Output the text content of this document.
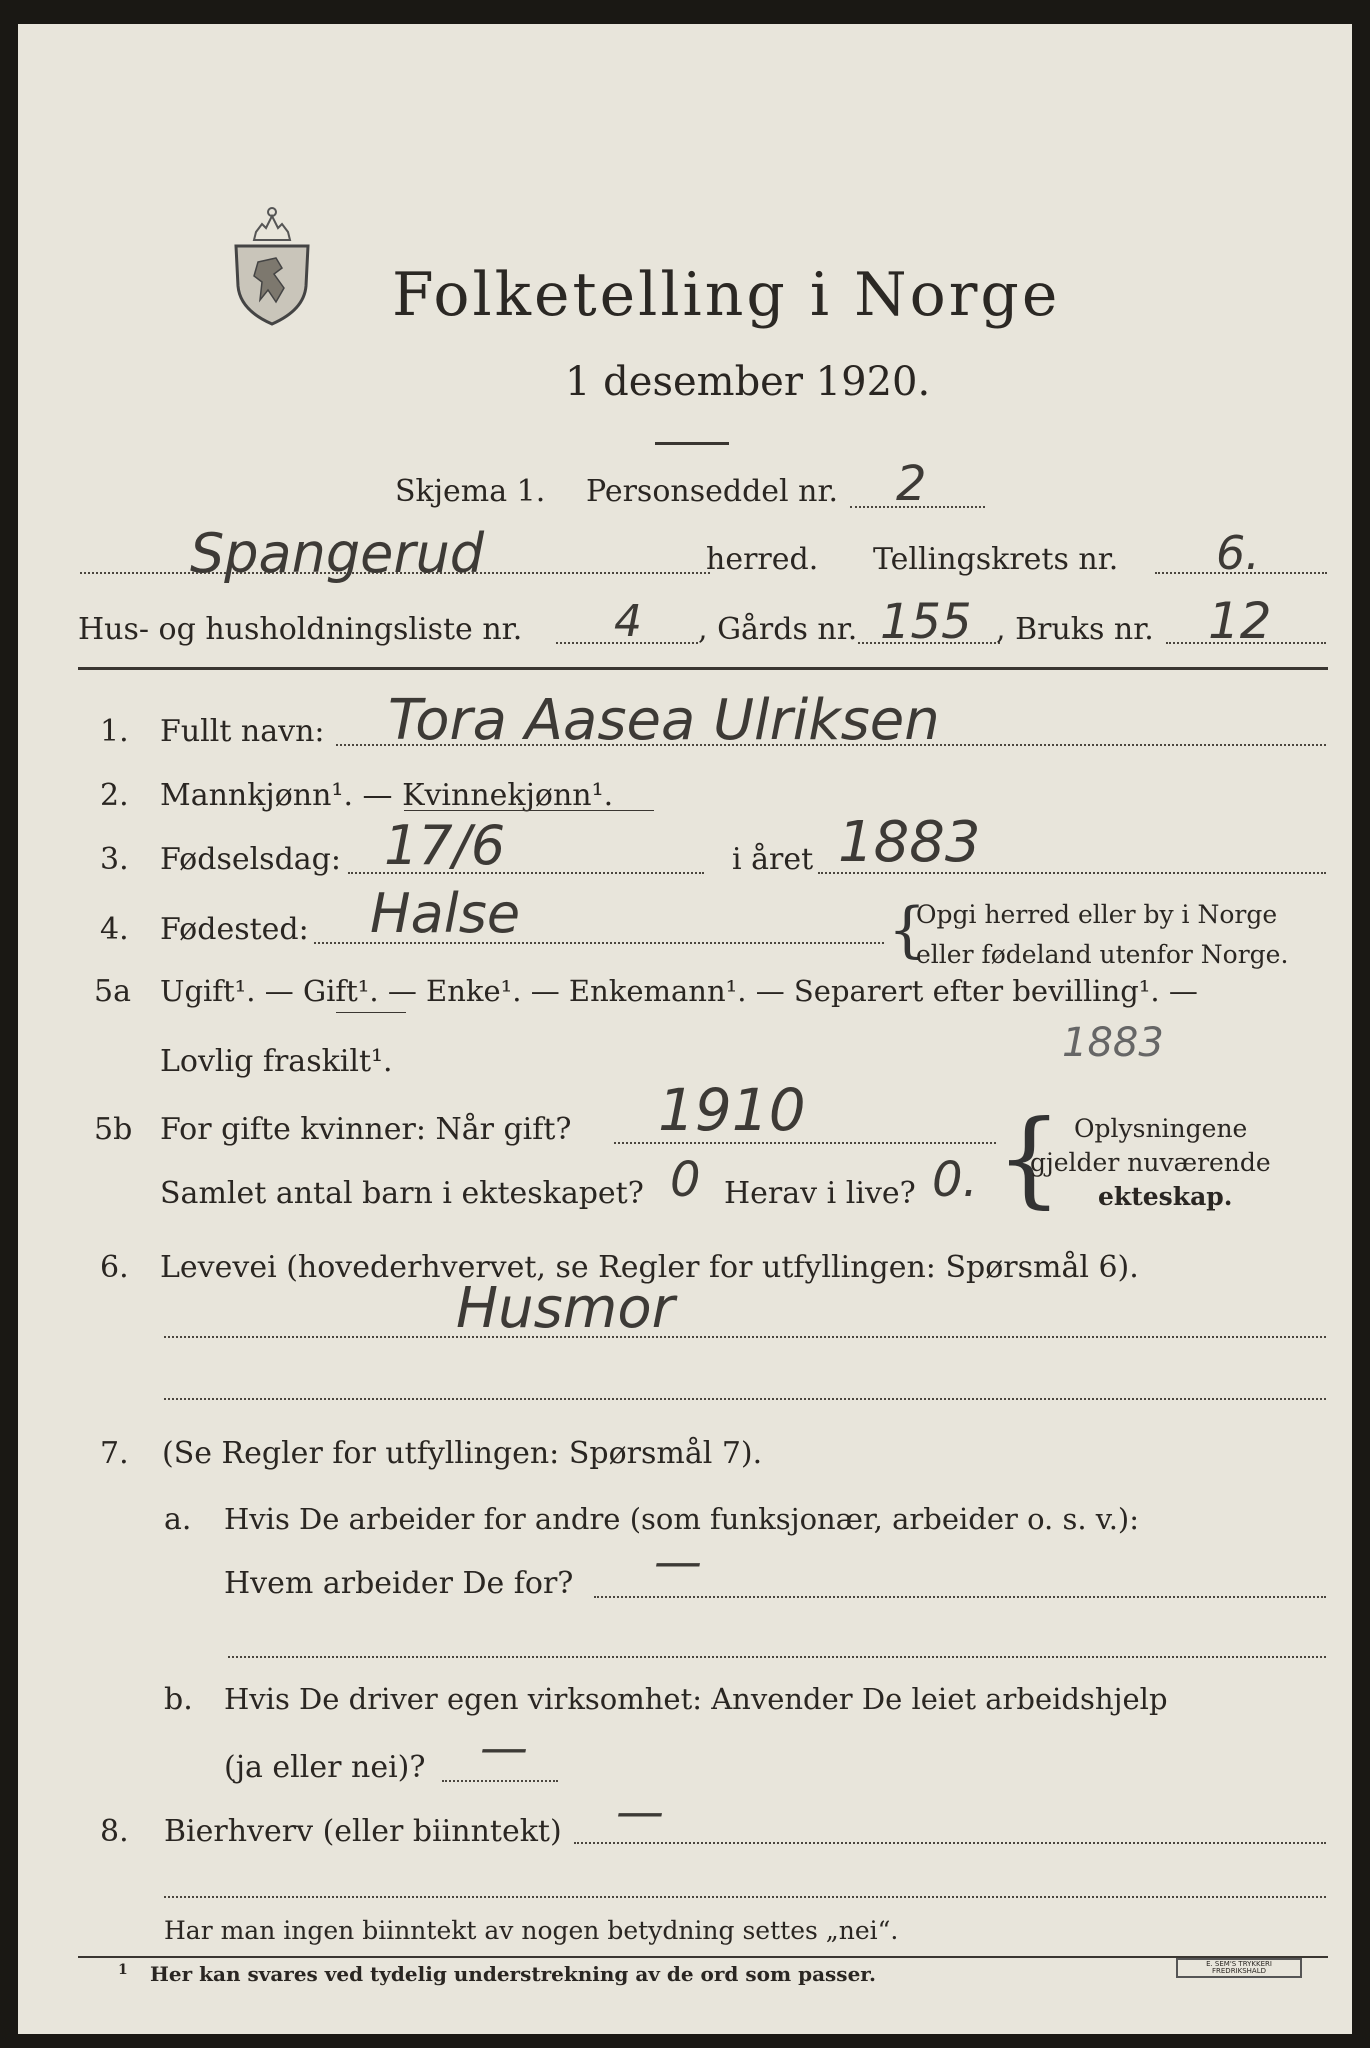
Folketelling i Norge
1 desember 1920.
Skjema 1. Personseddel nr. 2
Spangerud	herred. Tellingskrets nr. 6.
Hus- og husholdningsliste nr. 4 , Gårds nr. 155 , Bruks nr. 12
1. Fullt navn: Tora Aasea Ulriksen
2. Mannkjønn¹. — Kvinnekjønn¹.
3. Fødselsdag: 17/6	i året 1883
4. Fødested: Halse	{
Opgi herred eller by i Norge
eller fødeland utenfor Norge.
5a Ugift¹. — Gift¹. — Enke¹. — Enkemann¹. — Separert efter bevilling¹. —
Lovlig fraskilt¹.	1883
5b For gifte kvinner: Når gift? 1910
Samlet antal barn i ekteskapet? 0 Herav i live? 0. { Oplysningene
gjelder nuværende
ekteskap.
6. Levevei (hovederhvervet, se Regler for utfyllingen: Spørsmål 6).
Husmor
7. (Se Regler for utfyllingen: Spørsmål 7).
a. Hvis De arbeider for andre (som funksjonær, arbeider o. s. v.):
Hvem arbeider De for? —
b. Hvis De driver egen virksomhet: Anvender De leiet arbeidshjelp
(ja eller nei)? —
8. Bierhverv (eller biinntekt) —
Har man ingen biinntekt av nogen betydning settes „nei“.
1 Her kan svares ved tydelig understrekning av de ord som passer.	E. SEM'S TRYKKERI FREDRIKSHALD
